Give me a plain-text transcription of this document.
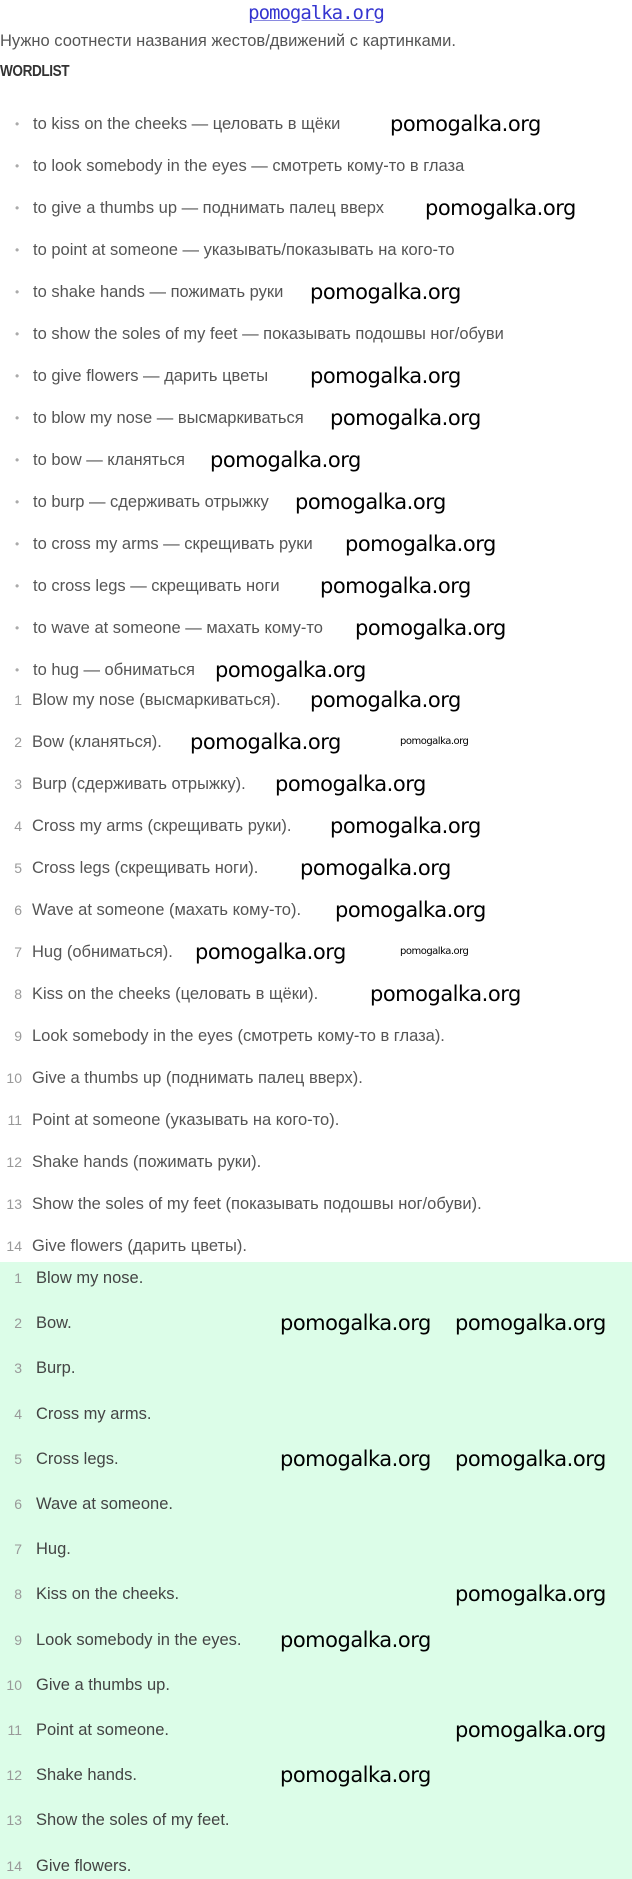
pomogalka.org
Нужно соотнести названия жестов/движений с картинками.
WORDLIST
• to kiss on the cheeks — целовать в щёки
• to look somebody in the eyes — смотреть кому-то в глаза
• to give a thumbs up — поднимать палец вверх
• to point at someone — указывать/показывать на кого-то
• to shake hands — пожимать руки
• to show the soles of my feet — показывать подошвы ног/обуви
• to give flowers — дарить цветы
• to blow my nose — высмаркиваться
• to bow — кланяться
• to burp — сдерживать отрыжку
• to cross my arms — скрещивать руки
• to cross legs — скрещивать ноги
• to wave at someone — махать кому-то
• to hug — обниматься
1 Blow my nose (высмаркиваться).
2 Bow (кланяться).
3 Burp (сдерживать отрыжку).
4 Cross my arms (скрещивать руки).
5 Cross legs (скрещивать ноги).
6 Wave at someone (махать кому-то).
7 Hug (обниматься).
8 Kiss on the cheeks (целовать в щёки).
9 Look somebody in the eyes (смотреть кому-то в глаза).
10 Give a thumbs up (поднимать палец вверх).
11 Point at someone (указывать на кого-то).
12 Shake hands (пожимать руки).
13 Show the soles of my feet (показывать подошвы ног/обуви).
14 Give flowers (дарить цветы).
1 Blow my nose.
2 Bow.
3 Burp.
4 Cross my arms.
5 Cross legs.
6 Wave at someone.
7 Hug.
8 Kiss on the cheeks.
9 Look somebody in the eyes.
10 Give a thumbs up.
11 Point at someone.
12 Shake hands.
13 Show the soles of my feet.
14 Give flowers.
pomogalka.org
pomogalka.org
pomogalka.org
pomogalka.org
pomogalka.org
pomogalka.org
pomogalka.org
pomogalka.org
pomogalka.org
pomogalka.org
pomogalka.org
pomogalka.org
pomogalka.org	pomogalka.org
pomogalka.org
pomogalka.org
pomogalka.org
pomogalka.org
pomogalka.org	pomogalka.org
pomogalka.org
pomogalka.org pomogalka.org
pomogalka.org pomogalka.org
pomogalka.org
pomogalka.org
pomogalka.org
pomogalka.org
